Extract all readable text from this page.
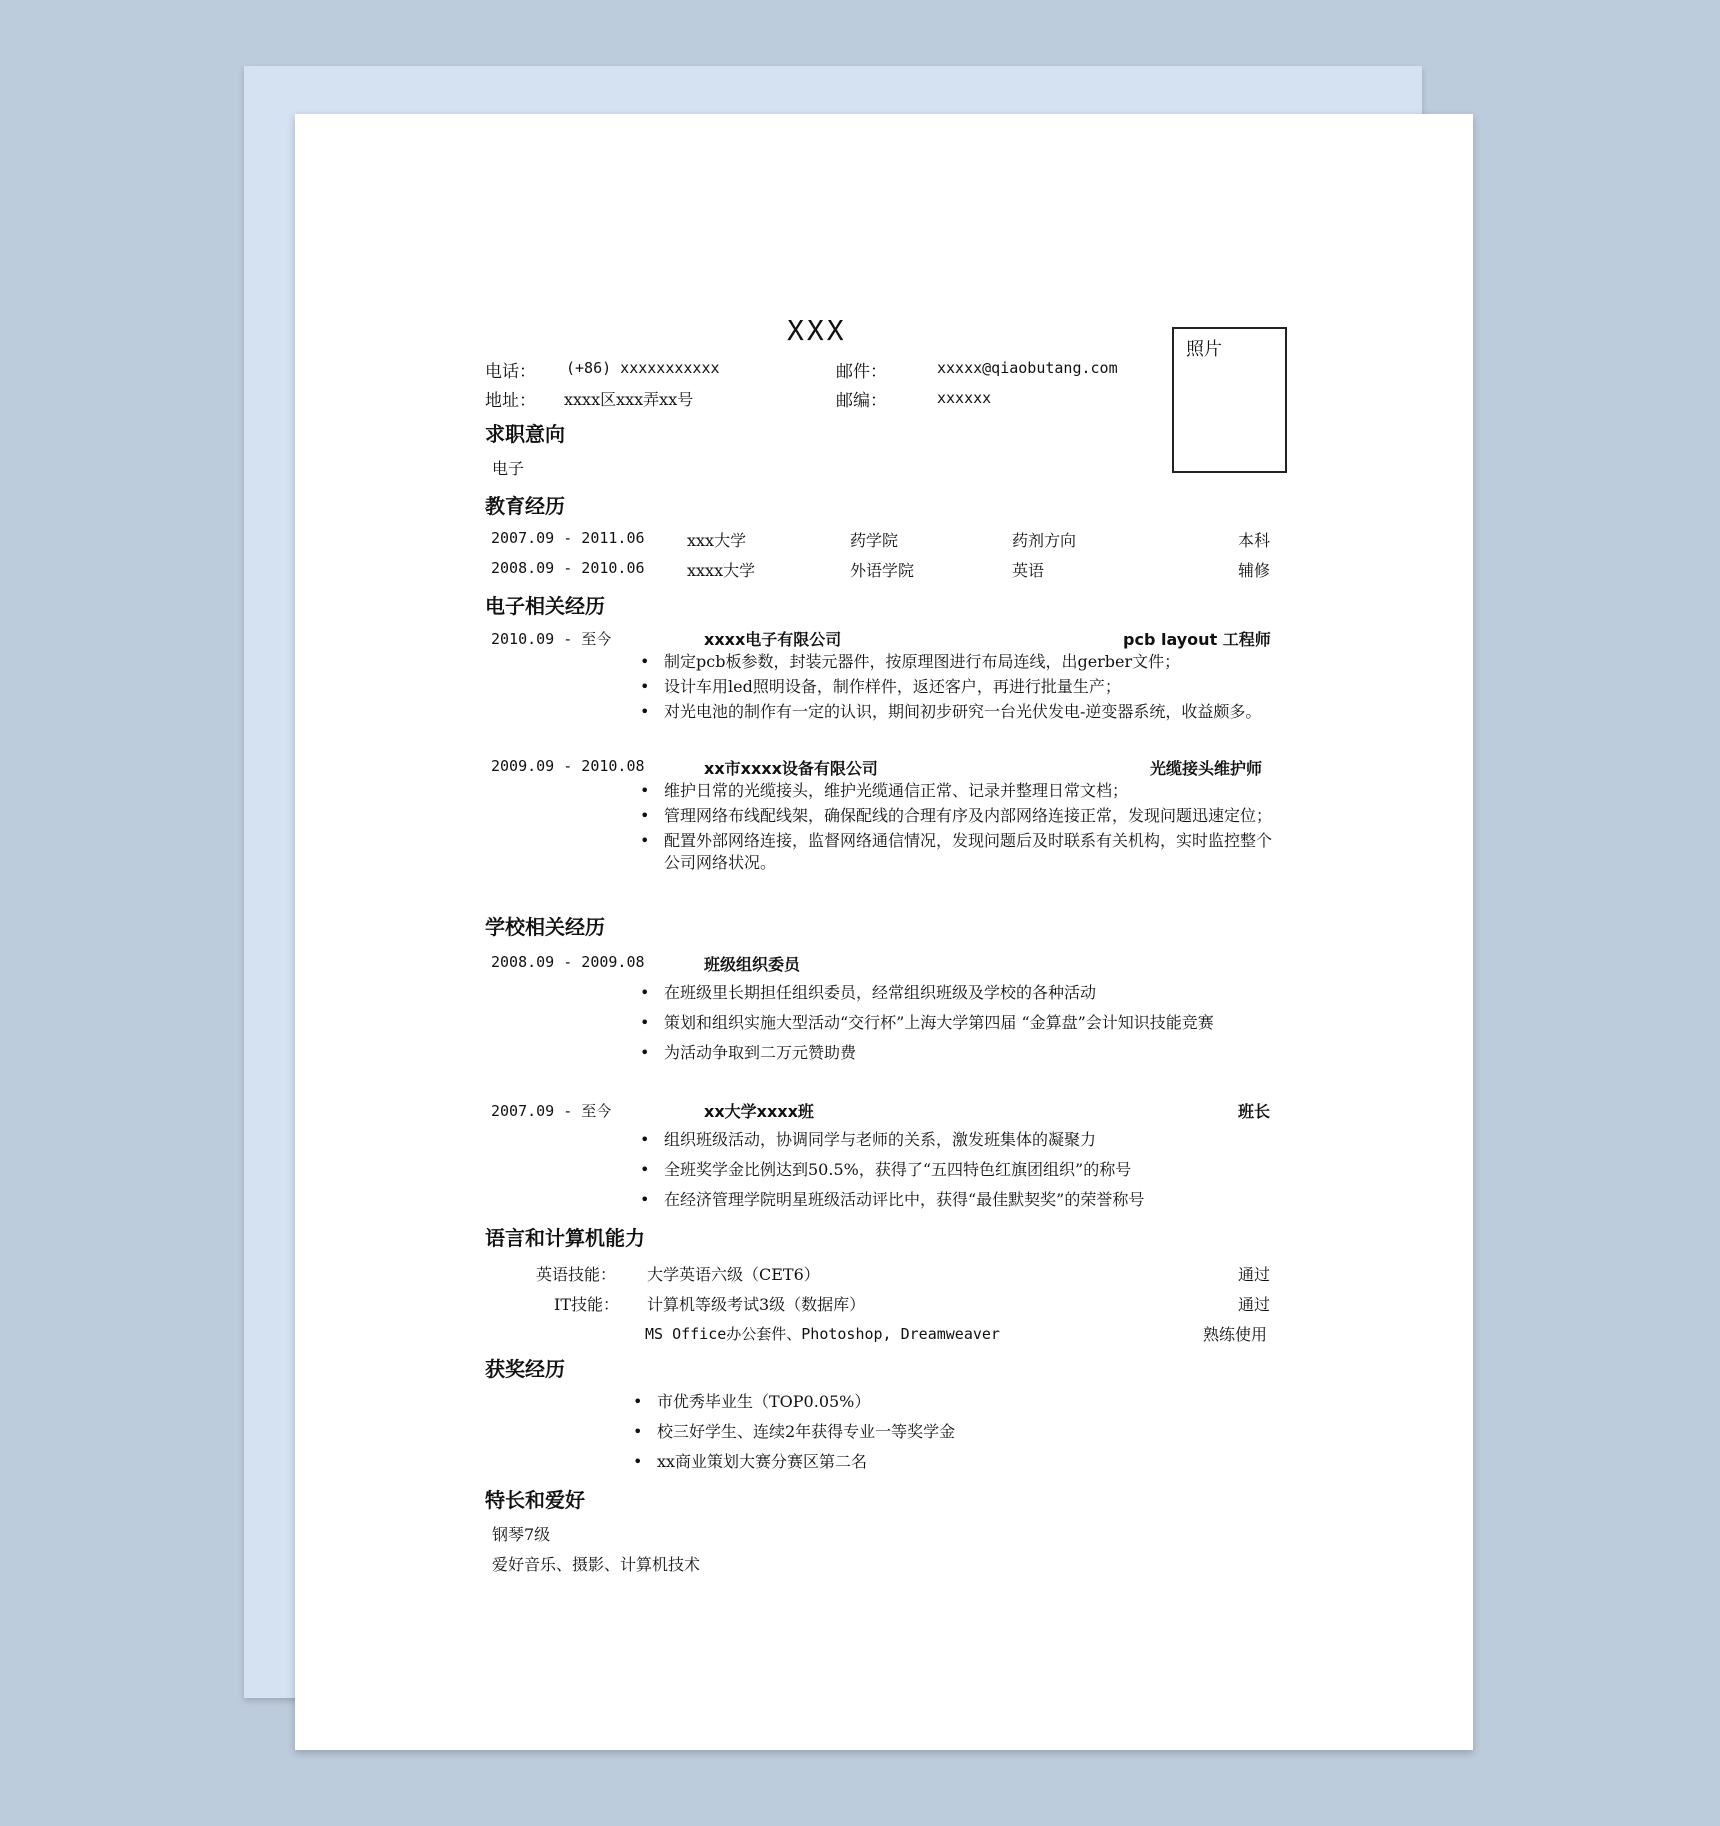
XXX
照片
电话： (+86) xxxxxxxxxxx	邮件：	xxxxx@qiaobutang.com
地址： xxxx区xxx弄xx号	邮编：	xxxxxx
求职意向
电子
教育经历
2007.09 - 2011.06	xxx大学	药学院	药剂方向	本科
2008.09 - 2010.06	xxxx大学	外语学院	英语	辅修
电子相关经历
2010.09 - 至今	xxxx电子有限公司	pcb layout 工程师
• 制定pcb板参数，封装元器件，按原理图进行布局连线，出gerber文件；
• 设计车用led照明设备，制作样件，返还客户，再进行批量生产；
• 对光电池的制作有一定的认识，期间初步研究一台光伏发电-逆变器系统，收益颇多。
2009.09 - 2010.08	xx市xxxx设备有限公司	光缆接头维护师
• 维护日常的光缆接头，维护光缆通信正常、记录并整理日常文档；
• 管理网络布线配线架，确保配线的合理有序及内部网络连接正常，发现问题迅速定位；
• 配置外部网络连接，监督网络通信情况，发现问题后及时联系有关机构，实时监控整个公司网络状况。
学校相关经历
2008.09 - 2009.08	班级组织委员
• 在班级里长期担任组织委员，经常组织班级及学校的各种活动
• 策划和组织实施大型活动“交行杯”上海大学第四届 “金算盘”会计知识技能竞赛
• 为活动争取到二万元赞助费
2007.09 - 至今	xx大学xxxx班	班长
• 组织班级活动，协调同学与老师的关系，激发班集体的凝聚力
• 全班奖学金比例达到50.5%，获得了“五四特色红旗团组织”的称号
• 在经济管理学院明星班级活动评比中，获得“最佳默契奖”的荣誉称号
语言和计算机能力
英语技能： 大学英语六级（CET6）	通过
IT技能： 计算机等级考试3级（数据库）	通过
MS Office办公套件、Photoshop, Dreamweaver	熟练使用
获奖经历
• 市优秀毕业生（TOP0.05%）
• 校三好学生、连续2年获得专业一等奖学金
• xx商业策划大赛分赛区第二名
特长和爱好
钢琴7级
爱好音乐、摄影、计算机技术
